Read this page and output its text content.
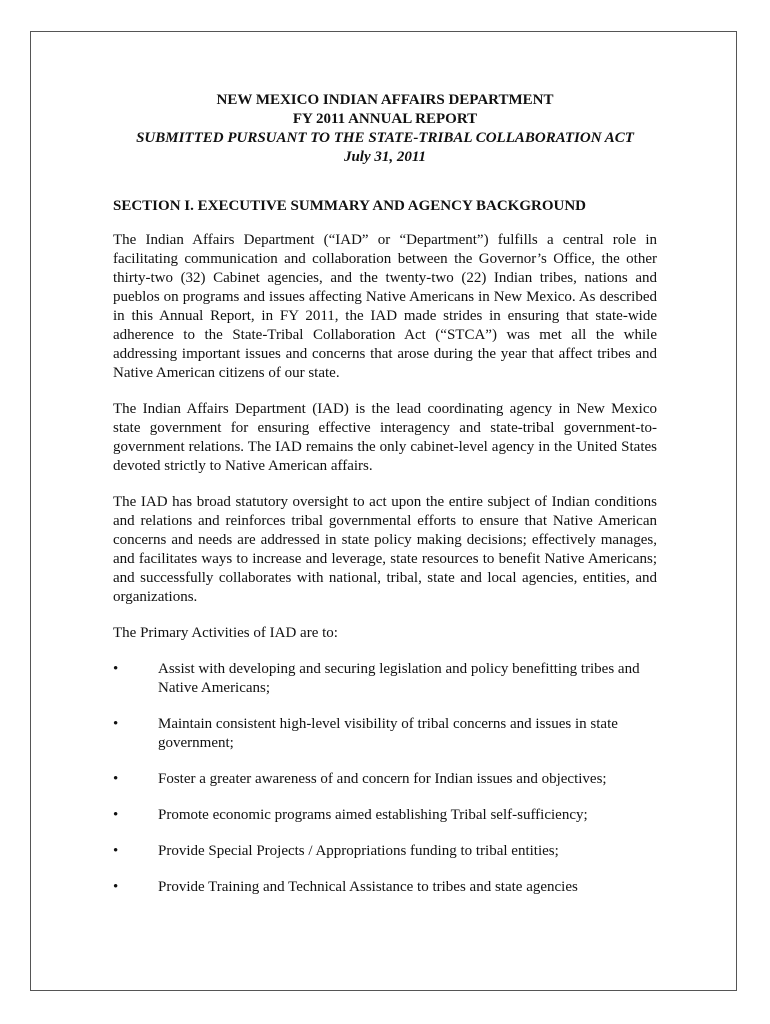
NEW MEXICO INDIAN AFFAIRS DEPARTMENT
FY 2011 ANNUAL REPORT
SUBMITTED PURSUANT TO THE STATE-TRIBAL COLLABORATION ACT
July 31, 2011
SECTION I. EXECUTIVE SUMMARY AND AGENCY BACKGROUND

The Indian Affairs Department (“IAD” or “Department”) fulfills a central role in facilitating communication and collaboration between the Governor’s Office, the other thirty-two (32) Cabinet agencies, and the twenty-two (22) Indian tribes, nations and pueblos on programs and issues affecting Native Americans in New Mexico. As described in this Annual Report, in FY 2011, the IAD made strides in ensuring that state-wide adherence to the State-Tribal Collaboration Act (“STCA”) was met all the while addressing important issues and concerns that arose during the year that affect tribes and Native American citizens of our state.

The Indian Affairs Department (IAD) is the lead coordinating agency in New Mexico state government for ensuring effective interagency and state-tribal government-to-government relations. The IAD remains the only cabinet-level agency in the United States devoted strictly to Native American affairs.

The IAD has broad statutory oversight to act upon the entire subject of Indian conditions and relations and reinforces tribal governmental efforts to ensure that Native American concerns and needs are addressed in state policy making decisions; effectively manages, and facilitates ways to increase and leverage, state resources to benefit Native Americans; and successfully collaborates with national, tribal, state and local agencies, entities, and organizations.

The Primary Activities of IAD are to:

•	Assist with developing and securing legislation and policy benefitting tribes and Native Americans;
•	Maintain consistent high-level visibility of tribal concerns and issues in state government;
•	Foster a greater awareness of and concern for Indian issues and objectives;
•	Promote economic programs aimed establishing Tribal self-sufficiency;
•	Provide Special Projects / Appropriations funding to tribal entities;
•	Provide Training and Technical Assistance to tribes and state agencies
